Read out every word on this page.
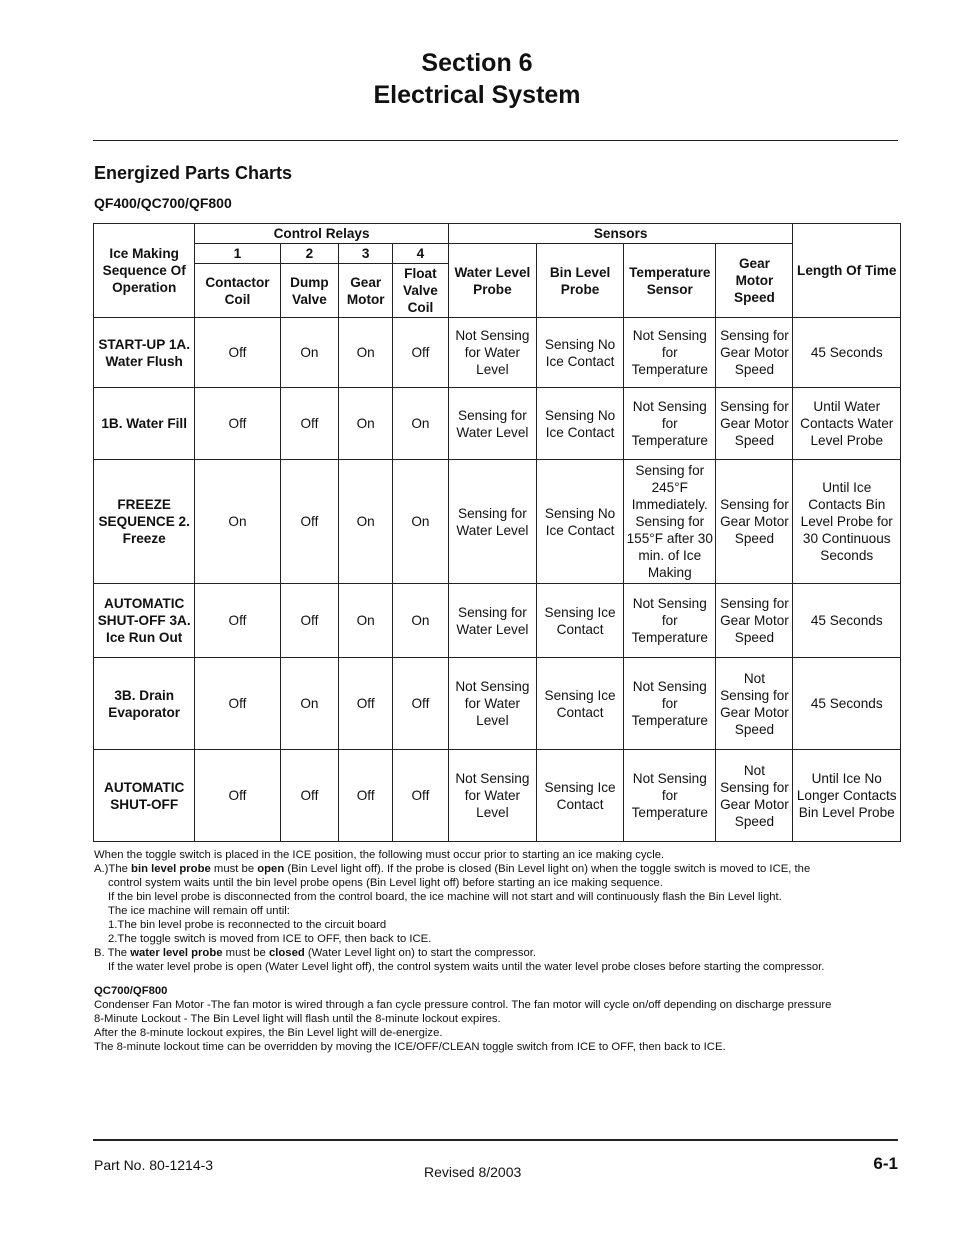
Section 6
Electrical System
Energized Parts Charts
QF400/QC700/QF800
Ice Making Sequence Of Operation	Control Relays				Sensors				Length Of Time
	1	2	3	4	Water Level Probe	Bin Level Probe	Temperature Sensor	Gear Motor Speed	
	Contactor Coil	Dump Valve	Gear Motor	Float Valve Coil					
START-UP 1A. Water Flush	Off	On	On	Off	Not Sensing for Water Level	Sensing No Ice Contact	Not Sensing for Temperature	Sensing for Gear Motor Speed	45 Seconds
1B. Water Fill	Off	Off	On	On	Sensing for Water Level	Sensing No Ice Contact	Not Sensing for Temperature	Sensing for Gear Motor Speed	Until Water Contacts Water Level Probe
FREEZE SEQUENCE 2. Freeze	On	Off	On	On	Sensing for Water Level	Sensing No Ice Contact	Sensing for 245°F Immediately. Sensing for 155°F after 30 min. of Ice Making	Sensing for Gear Motor Speed	Until Ice Contacts Bin Level Probe for 30 Continuous Seconds
AUTOMATIC SHUT-OFF 3A. Ice Run Out	Off	Off	On	On	Sensing for Water Level	Sensing Ice Contact	Not Sensing for Temperature	Sensing for Gear Motor Speed	45 Seconds
3B. Drain Evaporator	Off	On	Off	Off	Not Sensing for Water Level	Sensing Ice Contact	Not Sensing for Temperature	Not Sensing for Gear Motor Speed	45 Seconds
AUTOMATIC SHUT-OFF	Off	Off	Off	Off	Not Sensing for Water Level	Sensing Ice Contact	Not Sensing for Temperature	Not Sensing for Gear Motor Speed	Until Ice No Longer Contacts Bin Level Probe
When the toggle switch is placed in the ICE position, the following must occur prior to starting an ice making cycle.
A.)The bin level probe must be open (Bin Level light off). If the probe is closed (Bin Level light on) when the toggle switch is moved to ICE, the
control system waits until the bin level probe opens (Bin Level light off) before starting an ice making sequence.
If the bin level probe is disconnected from the control board, the ice machine will not start and will continuously flash the Bin Level light.
The ice machine will remain off until:
1.The bin level probe is reconnected to the circuit board
2.The toggle switch is moved from ICE to OFF, then back to ICE.
B. The water level probe must be closed (Water Level light on) to start the compressor.
If the water level probe is open (Water Level light off), the control system waits until the water level probe closes before starting the compressor.
QC700/QF800
Condenser Fan Motor -The fan motor is wired through a fan cycle pressure control. The fan motor will cycle on/off depending on discharge pressure
8-Minute Lockout - The Bin Level light will flash until the 8-minute lockout expires.
After the 8-minute lockout expires, the Bin Level light will de-energize.
The 8-minute lockout time can be overridden by moving the ICE/OFF/CLEAN toggle switch from ICE to OFF, then back to ICE.
Part No. 80-1214-3	Revised 8/2003	6-1
